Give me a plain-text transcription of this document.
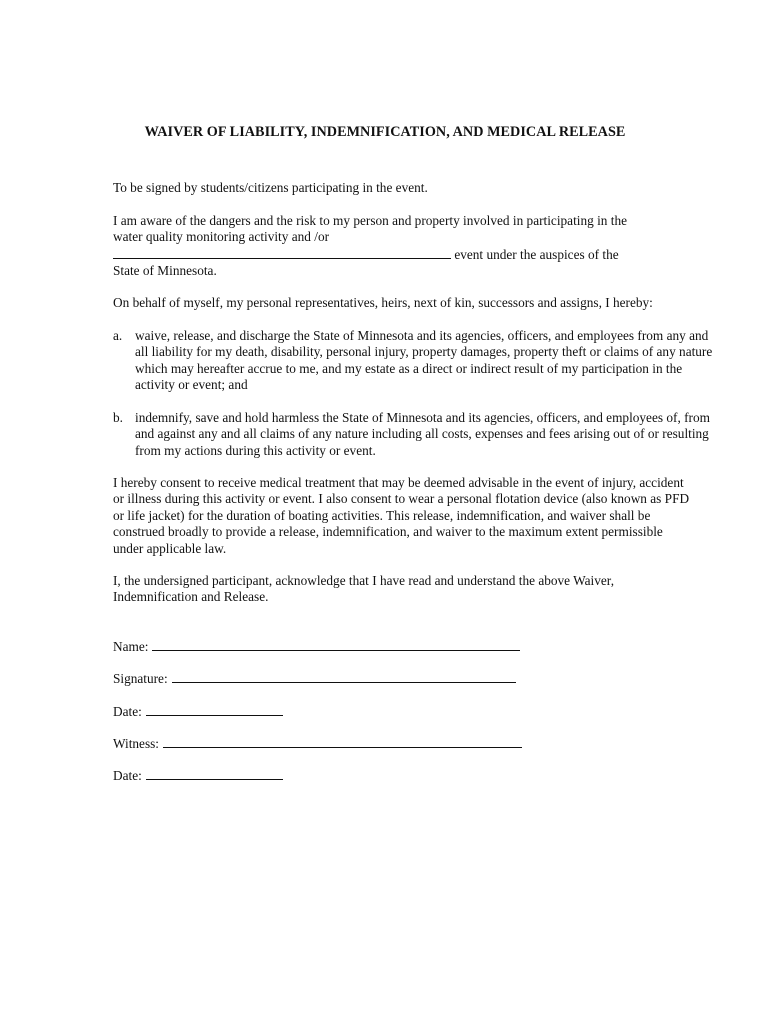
WAIVER OF LIABILITY, INDEMNIFICATION, AND MEDICAL RELEASE

To be signed by students/citizens participating in the event.

I am aware of the dangers and the risk to my person and property involved in participating in the

water quality monitoring activity and /or

event under the auspices of the

State of Minnesota.

On behalf of myself, my personal representatives, heirs, next of kin, successors and assigns, I hereby:

a. waive, release, and discharge the State of Minnesota and its agencies, officers, and employees from any and all liability for my death, disability, personal injury, property damages, property theft or claims of any nature which may hereafter accrue to me, and my estate as a direct or indirect result of my participation in the activity or event; and
b. indemnify, save and hold harmless the State of Minnesota and its agencies, officers, and employees of, from and against any and all claims of any nature including all costs, expenses and fees arising out of or resulting from my actions during this activity or event.

I hereby consent to receive medical treatment that may be deemed advisable in the event of injury, accident or illness during this activity or event. I also consent to wear a personal flotation device (also known as PFD or life jacket) for the duration of boating activities. This release, indemnification, and waiver shall be construed broadly to provide a release, indemnification, and waiver to the maximum extent permissible under applicable law.

I, the undersigned participant, acknowledge that I have read and understand the above Waiver, Indemnification and Release.

Name:
Signature:
Date:
Witness:
Date:
